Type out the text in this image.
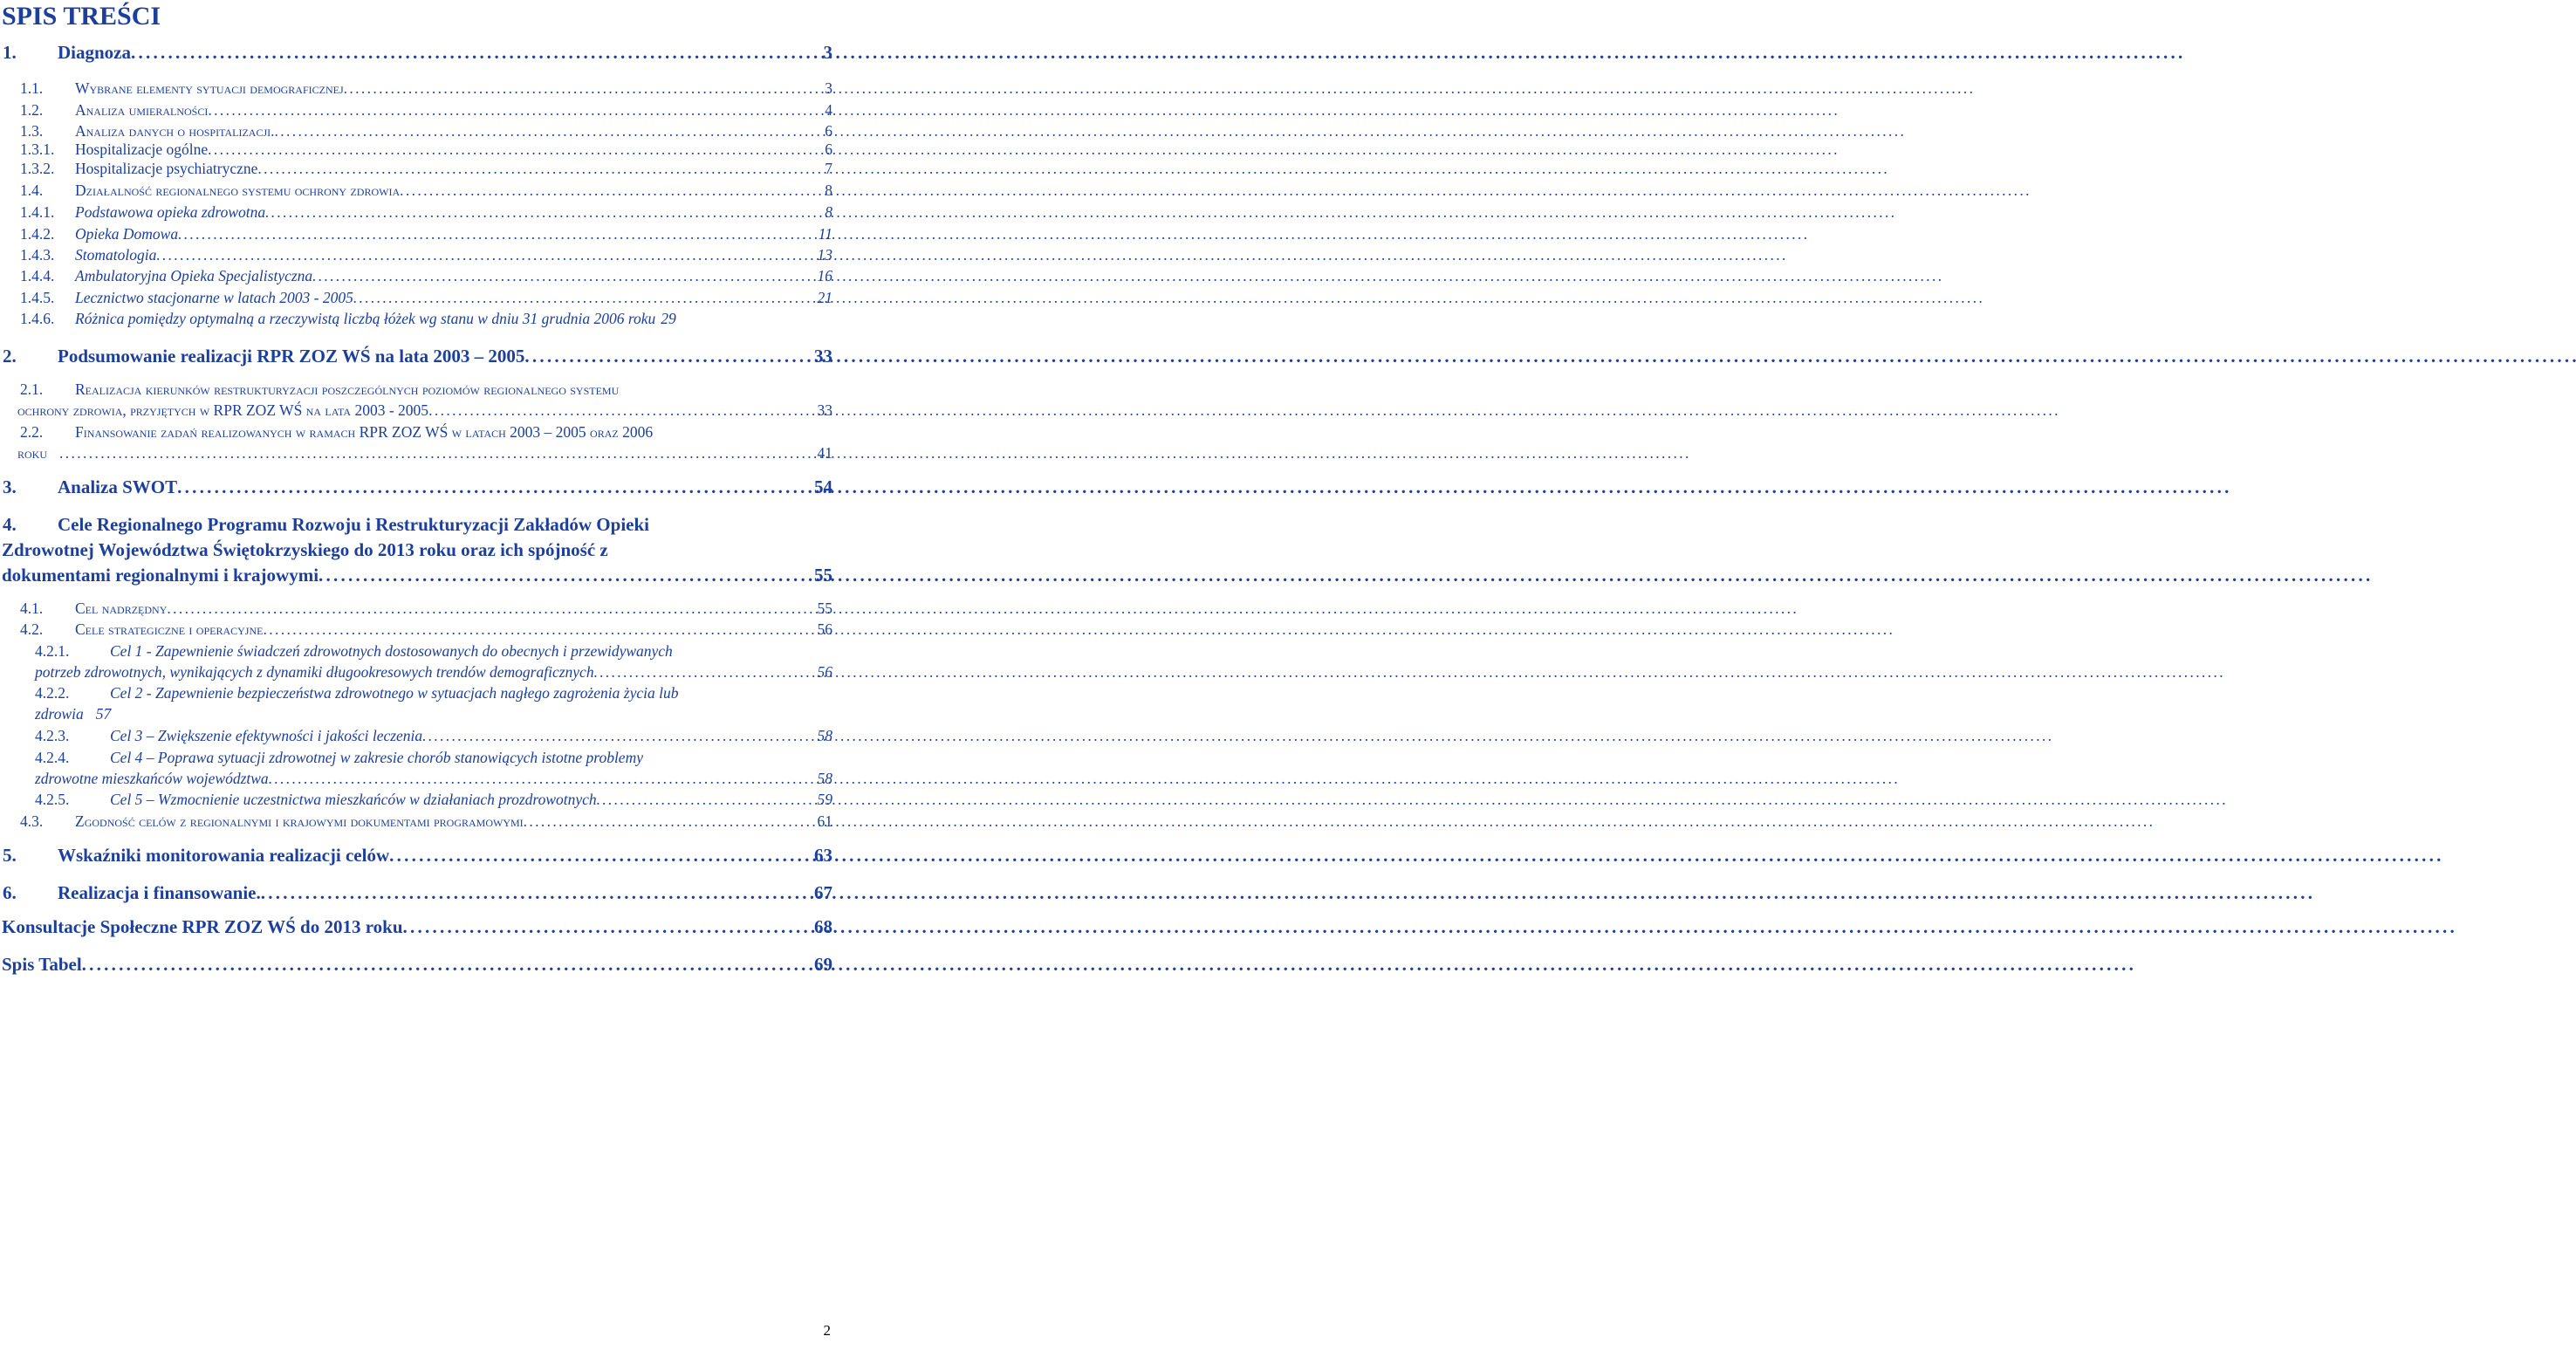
SPIS TREŚCI
1.	Diagnoza . . .	3
1.1.	Wybrane elementy sytuacji demograficznej . . .	3
1.2.	Analiza umieralności . . .	4
1.3.	Analiza danych o hospitalizacji. . . .	6
1.3.1.	Hospitalizacje ogólne . . .	6
1.3.2.	Hospitalizacje psychiatryczne . . .	7
1.4.	Działalność regionalnego systemu ochrony zdrowia . . .	8
1.4.1.	Podstawowa opieka zdrowotna . . .	8
1.4.2.	Opieka Domowa . . .	11
1.4.3.	Stomatologia . . .	13
1.4.4.	Ambulatoryjna Opieka Specjalistyczna . . .	16
1.4.5.	Lecznictwo stacjonarne w latach 2003 - 2005 . . .	21
1.4.6.	Różnica pomiędzy optymalną a rzeczywistą liczbą łóżek wg stanu w dniu 31 grudnia 2006 roku 29
2.	Podsumowanie realizacji RPR ZOZ WŚ na lata 2003 – 2005 . . .	33
2.1.	Realizacja kierunków restrukturyzacji poszczególnych poziomów regionalnego systemu
ochrony zdrowia, przyjętych w RPR ZOZ WŚ na lata 2003 - 2005 . . .	33
2.2.	Finansowanie zadań realizowanych w ramach RPR ZOZ WŚ w latach 2003 – 2005 oraz 2006
roku . . .	41
3.	Analiza SWOT . . .	54
4.	Cele Regionalnego Programu Rozwoju i Restrukturyzacji Zakładów Opieki
Zdrowotnej Województwa Świętokrzyskiego do 2013 roku oraz ich spójność z
dokumentami regionalnymi i krajowymi . . .	55
4.1.	Cel nadrzędny . . .	55
4.2.	Cele strategiczne i operacyjne . . .	56
4.2.1.	Cel 1 - Zapewnienie świadczeń zdrowotnych dostosowanych do obecnych i przewidywanych
potrzeb zdrowotnych, wynikających z dynamiki długookresowych trendów demograficznych . . .	56
4.2.2.	Cel 2 - Zapewnienie bezpieczeństwa zdrowotnego w sytuacjach nagłego zagrożenia życia lub
zdrowia 57
4.2.3.	Cel 3 – Zwiększenie efektywności i jakości leczenia . . .	58
4.2.4.	Cel 4 – Poprawa sytuacji zdrowotnej w zakresie chorób stanowiących istotne problemy
zdrowotne mieszkańców województwa . . .	58
4.2.5.	Cel 5 – Wzmocnienie uczestnictwa mieszkańców w działaniach prozdrowotnych . . .	59
4.3.	Zgodność celów z regionalnymi i krajowymi dokumentami programowymi . . .	61
5.	Wskaźniki monitorowania realizacji celów . . .	63
6.	Realizacja i finansowanie. . . .	67
Konsultacje Społeczne RPR ZOZ WŚ do 2013 roku . . .	68
Spis Tabel . . .	69
2
